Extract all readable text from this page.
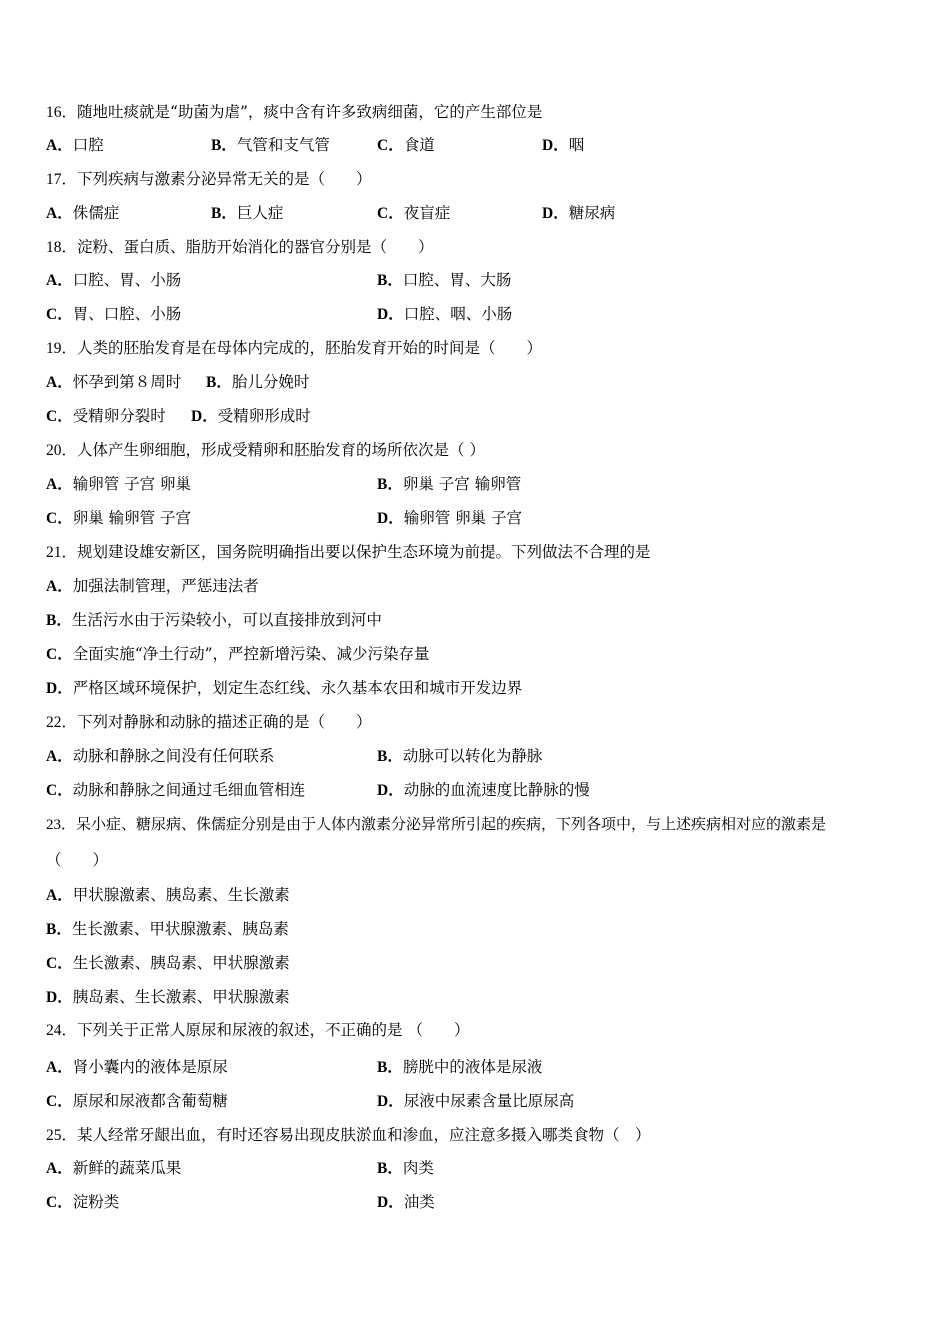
16．随地吐痰就是“助菌为虐”，痰中含有许多致病细菌，它的产生部位是
A．口腔	B．气管和支气管	C．食道	D．咽
17．下列疾病与激素分泌异常无关的是（　　）
A．侏儒症	B．巨人症	C．夜盲症	D．糖尿病
18．淀粉、蛋白质、脂肪开始消化的器官分别是（　　）
A．口腔、胃、小肠	B．口腔、胃、大肠
C．胃、口腔、小肠	D．口腔、咽、小肠
19．人类的胚胎发育是在母体内完成的，胚胎发育开始的时间是（　　）
A．怀孕到第８周时 B．胎儿分娩时
C．受精卵分裂时 D．受精卵形成时
20．人体产生卵细胞，形成受精卵和胚胎发育的场所依次是（ ）
A．输卵管 子宫 卵巢	B．卵巢 子宫 输卵管
C．卵巢 输卵管 子宫	D．输卵管 卵巢 子宫
21．规划建设雄安新区，国务院明确指出要以保护生态环境为前提。下列做法不合理的是
A．加强法制管理，严惩违法者
B．生活污水由于污染较小，可以直接排放到河中
C．全面实施“净土行动”，严控新增污染、减少污染存量
D．严格区域环境保护，划定生态红线、永久基本农田和城市开发边界
22．下列对静脉和动脉的描述正确的是（　　）
A．动脉和静脉之间没有任何联系	B．动脉可以转化为静脉
C．动脉和静脉之间通过毛细血管相连	D．动脉的血流速度比静脉的慢
23．呆小症、糖尿病、侏儒症分别是由于人体内激素分泌异常所引起的疾病，下列各项中，与上述疾病相对应的激素是
（　　）
A．甲状腺激素、胰岛素、生长激素
B．生长激素、甲状腺激素、胰岛素
C．生长激素、胰岛素、甲状腺激素
D．胰岛素、生长激素、甲状腺激素
24．下列关于正常人原尿和尿液的叙述，不正确的是 （　　）
A．肾小囊内的液体是原尿	B．膀胱中的液体是尿液
C．原尿和尿液都含葡萄糖	D．尿液中尿素含量比原尿高
25．某人经常牙龈出血，有时还容易出现皮肤淤血和渗血，应注意多摄入哪类食物（　）
A．新鲜的蔬菜瓜果	B．肉类
C．淀粉类	D．油类
